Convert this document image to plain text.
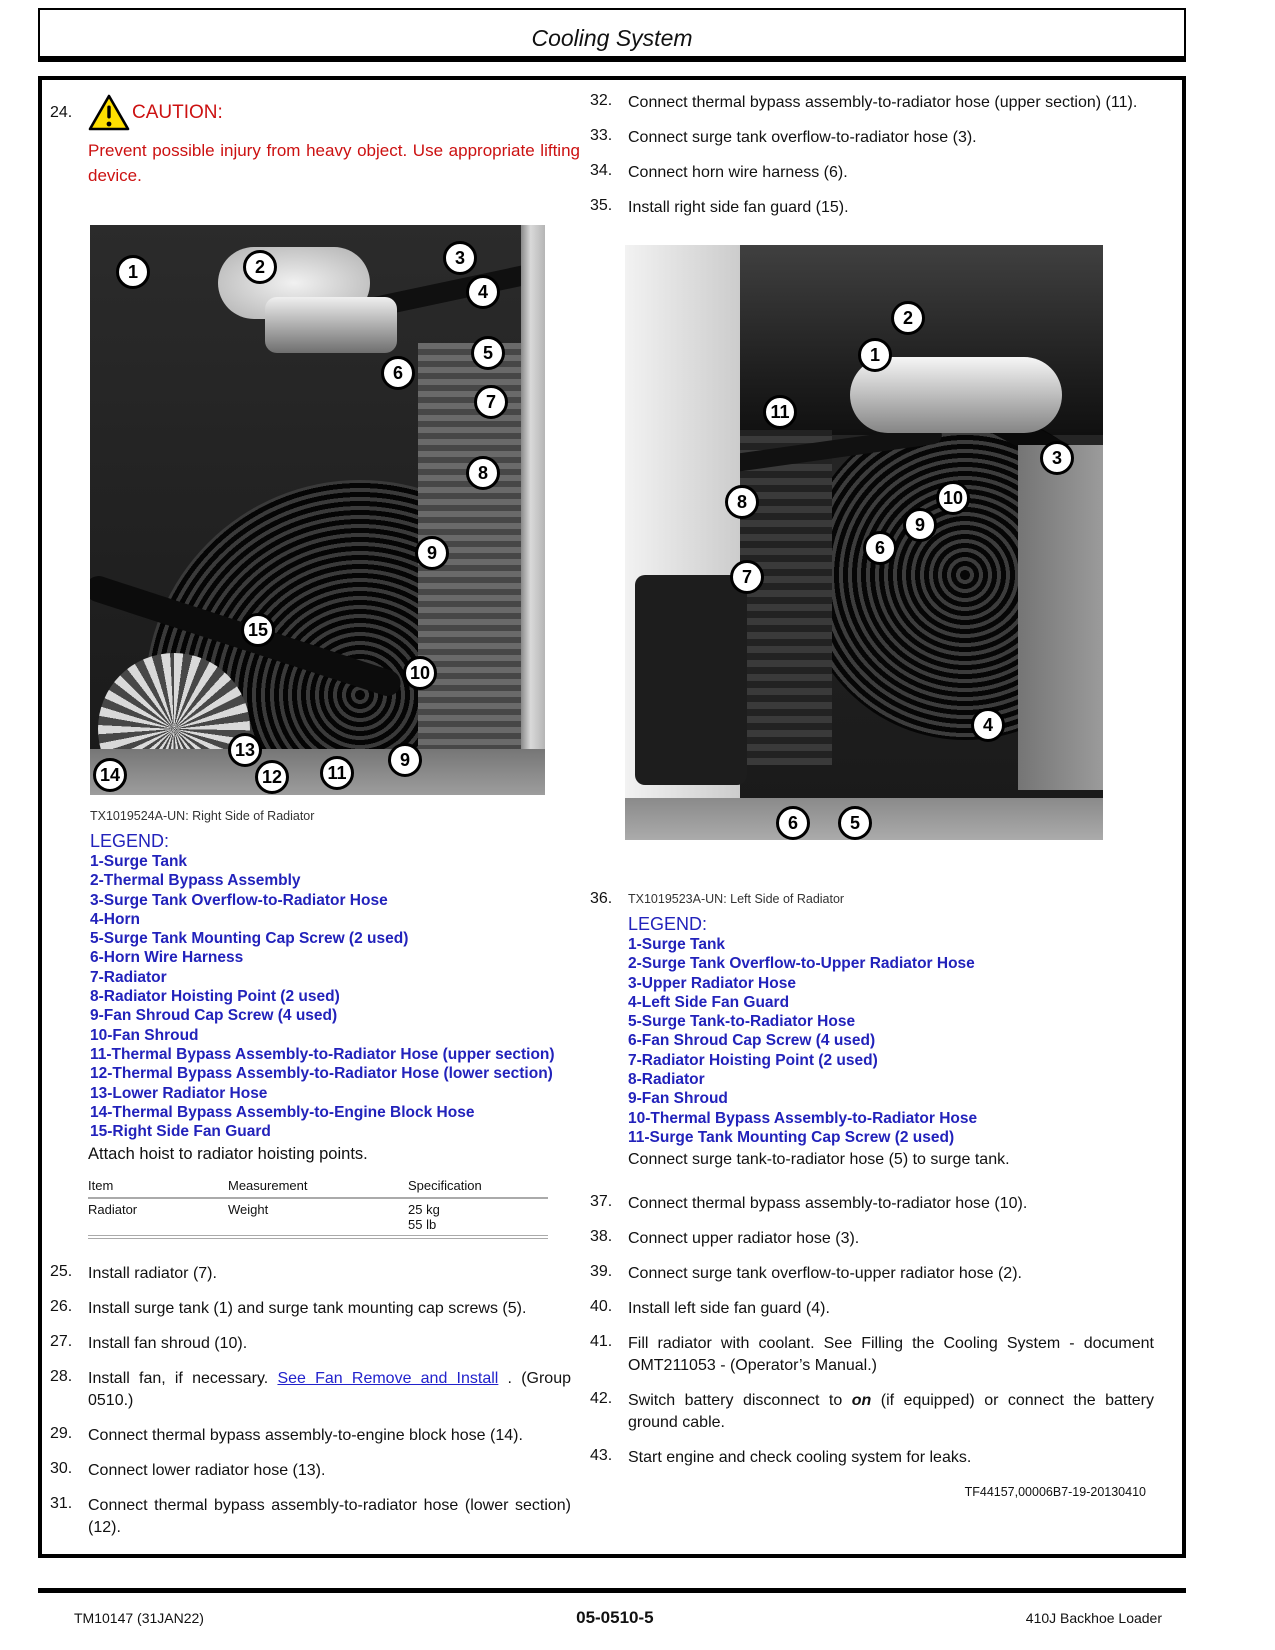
Cooling System
24.	CAUTION:

Prevent possible injury from heavy object. Use appropriate lifting device.

1	2	3
4
5
6
7
8
9
15
10
13	9
11
14	12
TX1019524A-UN: Right Side of Radiator
LEGEND:
1-Surge Tank
2-Thermal Bypass Assembly
3-Surge Tank Overflow-to-Radiator Hose
4-Horn
5-Surge Tank Mounting Cap Screw (2 used)
6-Horn Wire Harness
7-Radiator
8-Radiator Hoisting Point (2 used)
9-Fan Shroud Cap Screw (4 used)
10-Fan Shroud
11-Thermal Bypass Assembly-to-Radiator Hose (upper section)
12-Thermal Bypass Assembly-to-Radiator Hose (lower section)
13-Lower Radiator Hose
14-Thermal Bypass Assembly-to-Engine Block Hose
15-Right Side Fan Guard

Attach hoist to radiator hoisting points.

Item	Measurement	Specification
Radiator	Weight	25 kg
55 lb
25. Install radiator (7).
26. Install surge tank (1) and surge tank mounting cap screws (5).
27. Install fan shroud (10).
28. Install fan, if necessary. See Fan Remove and Install . (Group 0510.)
29. Connect thermal bypass assembly-to-engine block hose (14).
30. Connect lower radiator hose (13).
31. Connect thermal bypass assembly-to-radiator hose (lower section) (12).
32. Connect thermal bypass assembly-to-radiator hose (upper section) (11).
33. Connect surge tank overflow-to-radiator hose (3).
34. Connect horn wire harness (6).
35. Install right side fan guard (15).
2
1
11
3
8	10
9
6
7
4
6	5
36.	TX1019523A-UN: Left Side of Radiator
LEGEND:
1-Surge Tank
2-Surge Tank Overflow-to-Upper Radiator Hose
3-Upper Radiator Hose
4-Left Side Fan Guard
5-Surge Tank-to-Radiator Hose
6-Fan Shroud Cap Screw (4 used)
7-Radiator Hoisting Point (2 used)
8-Radiator
9-Fan Shroud
10-Thermal Bypass Assembly-to-Radiator Hose
11-Surge Tank Mounting Cap Screw (2 used)

Connect surge tank-to-radiator hose (5) to surge tank.

37. Connect thermal bypass assembly-to-radiator hose (10).
38. Connect upper radiator hose (3).
39. Connect surge tank overflow-to-upper radiator hose (2).
40. Install left side fan guard (4).
41. Fill radiator with coolant. See Filling the Cooling System - document OMT211053 - (Operator’s Manual.)
42. Switch battery disconnect to on (if equipped) or connect the battery ground cable.
43. Start engine and check cooling system for leaks.
TF44157,00006B7-19-20130410
TM10147 (31JAN22)	05-0510-5	410J Backhoe Loader
